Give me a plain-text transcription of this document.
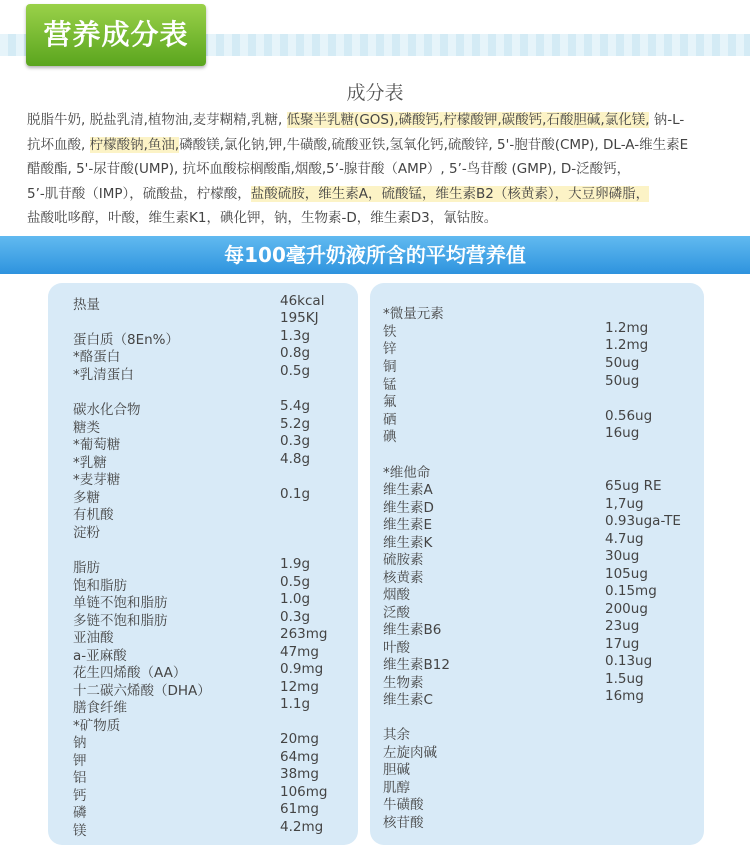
营养成分表
成分表
脱脂牛奶, 脱盐乳清,植物油,麦芽糊精,乳糖, 低聚半乳糖(GOS),磷酸钙,柠檬酸钾,碳酸钙,石酸胆碱,氯化镁, 钠-L-
抗坏血酸, 柠檬酸钠,鱼油,磷酸镁,氯化钠,钾,牛磺酸,硫酸亚铁,氢氧化钙,硫酸锌, 5'-胞苷酸(CMP), DL-A-维生素E
醋酸酯, 5'-尿苷酸(UMP), 抗坏血酸棕榈酸酯,烟酸,5’-腺苷酸（AMP）, 5’-鸟苷酸 (GMP), D-泛酸钙，
5’-肌苷酸（IMP），硫酸盐，柠檬酸，盐酸硫胺，维生素A，硫酸锰，维生素B2（核黄素），大豆卵磷脂，
盐酸吡哆醇，叶酸，维生素K1，碘化钾，钠，生物素-D，维生素D3，氰钴胺。
每100毫升奶液所含的平均营养值
热量	46kcal
195KJ
蛋白质（8En%）	1.3g
*酪蛋白	0.8g
*乳清蛋白	0.5g
碳水化合物	5.4g
糖类	5.2g
*葡萄糖	0.3g
*乳糖	4.8g
*麦芽糖
多糖	0.1g
有机酸
淀粉
脂肪	1.9g
饱和脂肪	0.5g
单链不饱和脂肪	1.0g
多链不饱和脂肪	0.3g
亚油酸	263mg
a-亚麻酸	47mg
花生四烯酸（AA）	0.9mg
十二碳六烯酸（DHA）	12mg
膳食纤维	1.1g
*矿物质
钠	20mg
钾	64mg
铝	38mg
钙	106mg
磷	61mg
镁	4.2mg
*微量元素
铁	1.2mg
锌	1.2mg
铜	50ug
锰	50ug
氟
硒	0.56ug
碘	16ug
*维他命
维生素A	65ug RE
维生素D	1,7ug
维生素E	0.93uga-TE
维生素K	4.7ug
硫胺素	30ug
核黄素	105ug
烟酸	0.15mg
泛酸	200ug
维生素B6	23ug
叶酸	17ug
维生素B12	0.13ug
生物素	1.5ug
维生素C	16mg
其余
左旋肉碱
胆碱
肌醇
牛磺酸
核苷酸
